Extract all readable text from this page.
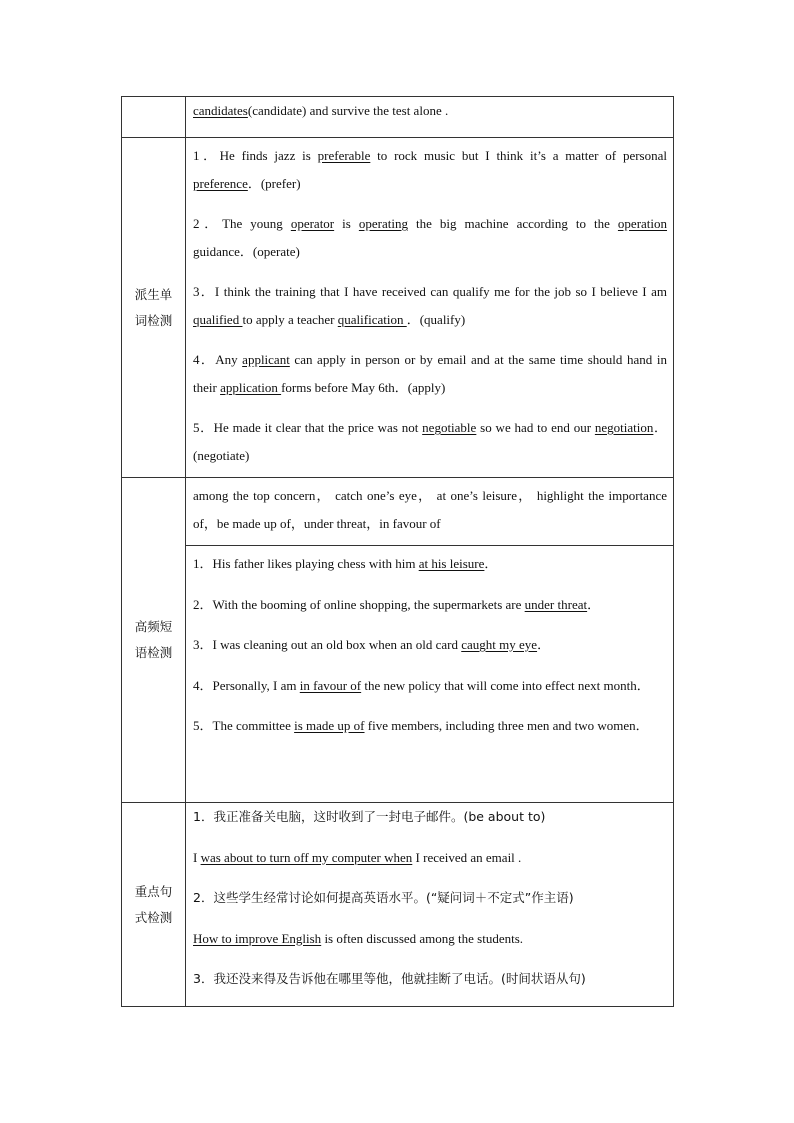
	candidates(candidate) and survive the test alone .

派生单词检测	1．He finds jazz is preferable to rock music but I think it’s a matter of personal preference．(prefer)

2．The young operator is operating the big machine according to the operation guidance．(operate)

3．I think the training that I have received can qualify me for the job so I believe I am qualified to apply a teacher qualification ．(qualify)

4．Any applicant can apply in person or by email and at the same time should hand in their application forms before May 6th．(apply)

5．He made it clear that the price was not negotiable so we had to end our negotiation．(negotiate)

高频短语检测	among the top concern， catch one’s eye， at one’s leisure， highlight the importance of，be made up of，under threat，in favour of

	1．His father likes playing chess with him at his leisure．

2．With the booming of online shopping, the supermarkets are under threat．

3．I was cleaning out an old box when an old card caught my eye．

4．Personally, I am in favour of the new policy that will come into effect next month．

5．The committee is made up of five members, including three men and two women．

重点句式检测	1．我正准备关电脑，这时收到了一封电子邮件。(be about to)

I was about to turn off my computer when I received an email .

2．这些学生经常讨论如何提高英语水平。(“疑问词＋不定式”作主语)

How to improve English is often discussed among the students.

3．我还没来得及告诉他在哪里等他，他就挂断了电话。(时间状语从句)
